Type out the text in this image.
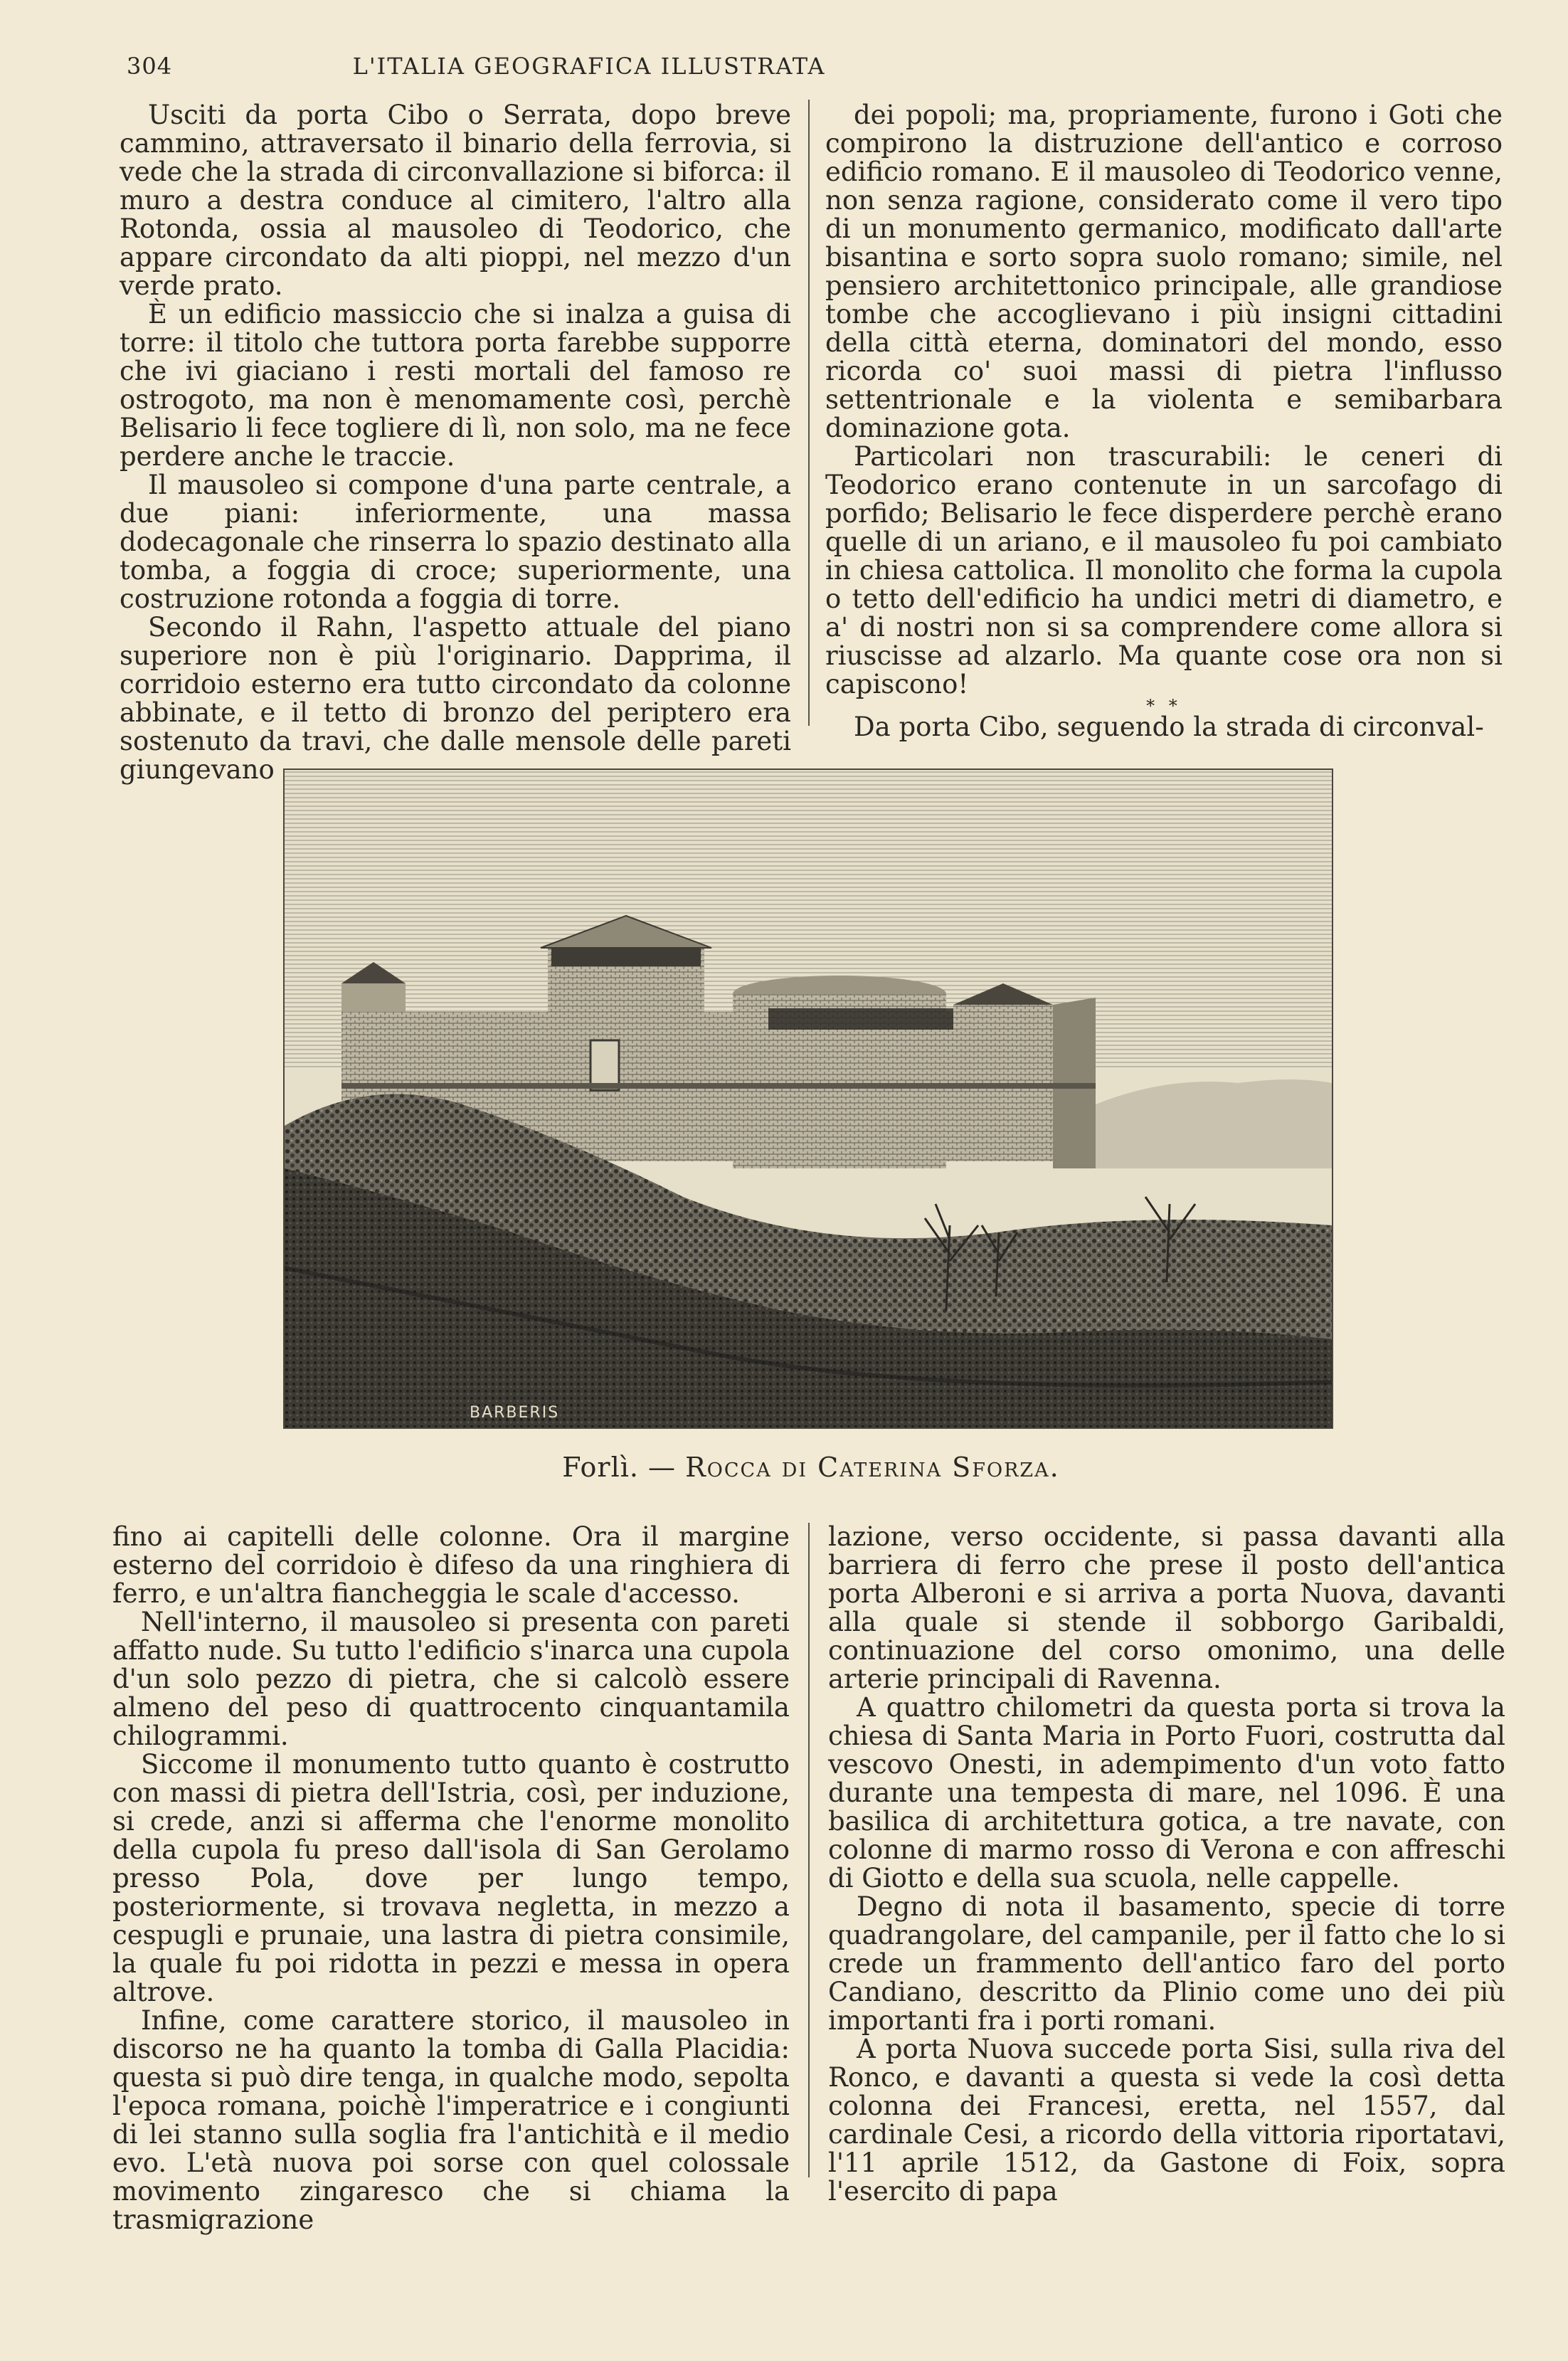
304	L'ITALIA GEOGRAFICA ILLUSTRATA

Usciti da porta Cibo o Serrata, dopo breve cammino, attraversato il binario della ferrovia, si vede che la strada di circonvallazione si biforca: il muro a destra conduce al cimitero, l'altro alla Rotonda, ossia al mausoleo di Teodorico, che appare circondato da alti pioppi, nel mezzo d'un verde prato.

È un edificio massiccio che si inalza a guisa di torre: il titolo che tuttora porta farebbe supporre che ivi giaciano i resti mortali del famoso re ostrogoto, ma non è menomamente così, perchè Belisario li fece togliere di lì, non solo, ma ne fece perdere anche le traccie.

Il mausoleo si compone d'una parte centrale, a due piani: inferiormente, una massa dodecagonale che rinserra lo spazio destinato alla tomba, a foggia di croce; superiormente, una costruzione rotonda a foggia di torre.

Secondo il Rahn, l'aspetto attuale del piano superiore non è più l'originario. Dapprima, il corridoio esterno era tutto circondato da colonne abbinate, e il tetto di bronzo del periptero era sostenuto da travi, che dalle mensole delle pareti giungevano

dei popoli; ma, propriamente, furono i Goti che compirono la distruzione dell'antico e corroso edificio romano. E il mausoleo di Teodorico venne, non senza ragione, considerato come il vero tipo di un monumento germanico, modificato dall'arte bisantina e sorto sopra suolo romano; simile, nel pensiero architettonico principale, alle grandiose tombe che accoglievano i più insigni cittadini della città eterna, dominatori del mondo, esso ricorda co' suoi massi di pietra l'influsso settentrionale e la violenta e semibarbara dominazione gota.

Particolari non trascurabili: le ceneri di Teodorico erano contenute in un sarcofago di porfido; Belisario le fece disperdere perchè erano quelle di un ariano, e il mausoleo fu poi cambiato in chiesa cattolica. Il monolito che forma la cupola o tetto dell'edificio ha undici metri di diametro, e a' di nostri non si sa comprendere come allora si riuscisse ad alzarlo. Ma quante cose ora non si capiscono!

* *

Da porta Cibo, seguendo la strada di circonval-

BARBERIS
Forlì. — Rocca di Caterina Sforza.

fino ai capitelli delle colonne. Ora il margine esterno del corridoio è difeso da una ringhiera di ferro, e un'altra fiancheggia le scale d'accesso.

Nell'interno, il mausoleo si presenta con pareti affatto nude. Su tutto l'edificio s'inarca una cupola d'un solo pezzo di pietra, che si calcolò essere almeno del peso di quattrocento cinquantamila chilogrammi.

Siccome il monumento tutto quanto è costrutto con massi di pietra dell'Istria, così, per induzione, si crede, anzi si afferma che l'enorme monolito della cupola fu preso dall'isola di San Gerolamo presso Pola, dove per lungo tempo, posteriormente, si trovava negletta, in mezzo a cespugli e prunaie, una lastra di pietra consimile, la quale fu poi ridotta in pezzi e messa in opera altrove.

Infine, come carattere storico, il mausoleo in discorso ne ha quanto la tomba di Galla Placidia: questa si può dire tenga, in qualche modo, sepolta l'epoca romana, poichè l'imperatrice e i congiunti di lei stanno sulla soglia fra l'antichità e il medio evo. L'età nuova poi sorse con quel colossale movimento zingaresco che si chiama la trasmigrazione

lazione, verso occidente, si passa davanti alla barriera di ferro che prese il posto dell'antica porta Alberoni e si arriva a porta Nuova, davanti alla quale si stende il sobborgo Garibaldi, continuazione del corso omonimo, una delle arterie principali di Ravenna.

A quattro chilometri da questa porta si trova la chiesa di Santa Maria in Porto Fuori, costrutta dal vescovo Onesti, in adempimento d'un voto fatto durante una tempesta di mare, nel 1096. È una basilica di architettura gotica, a tre navate, con colonne di marmo rosso di Verona e con affreschi di Giotto e della sua scuola, nelle cappelle.

Degno di nota il basamento, specie di torre quadrangolare, del campanile, per il fatto che lo si crede un frammento dell'antico faro del porto Candiano, descritto da Plinio come uno dei più importanti fra i porti romani.

A porta Nuova succede porta Sisi, sulla riva del Ronco, e davanti a questa si vede la così detta colonna dei Francesi, eretta, nel 1557, dal cardinale Cesi, a ricordo della vittoria riportatavi, l'11 aprile 1512, da Gastone di Foix, sopra l'esercito di papa
